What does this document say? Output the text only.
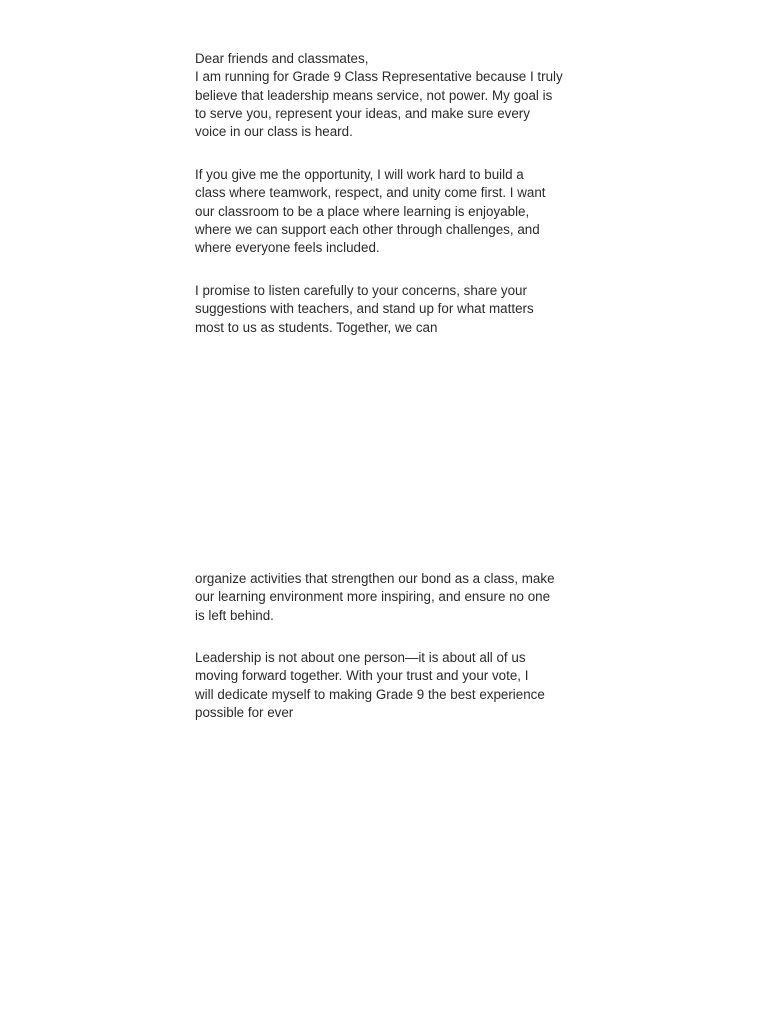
Dear friends and classmates,
I am running for Grade 9 Class Representative because I truly
believe that leadership means service, not power. My goal is
to serve you, represent your ideas, and make sure every
voice in our class is heard.
If you give me the opportunity, I will work hard to build a
class where teamwork, respect, and unity come first. I want
our classroom to be a place where learning is enjoyable,
where we can support each other through challenges, and
where everyone feels included.
I promise to listen carefully to your concerns, share your
suggestions with teachers, and stand up for what matters
most to us as students. Together, we can
organize activities that strengthen our bond as a class, make
our learning environment more inspiring, and ensure no one
is left behind.
Leadership is not about one person—it is about all of us
moving forward together. With your trust and your vote, I
will dedicate myself to making Grade 9 the best experience
possible for ever
